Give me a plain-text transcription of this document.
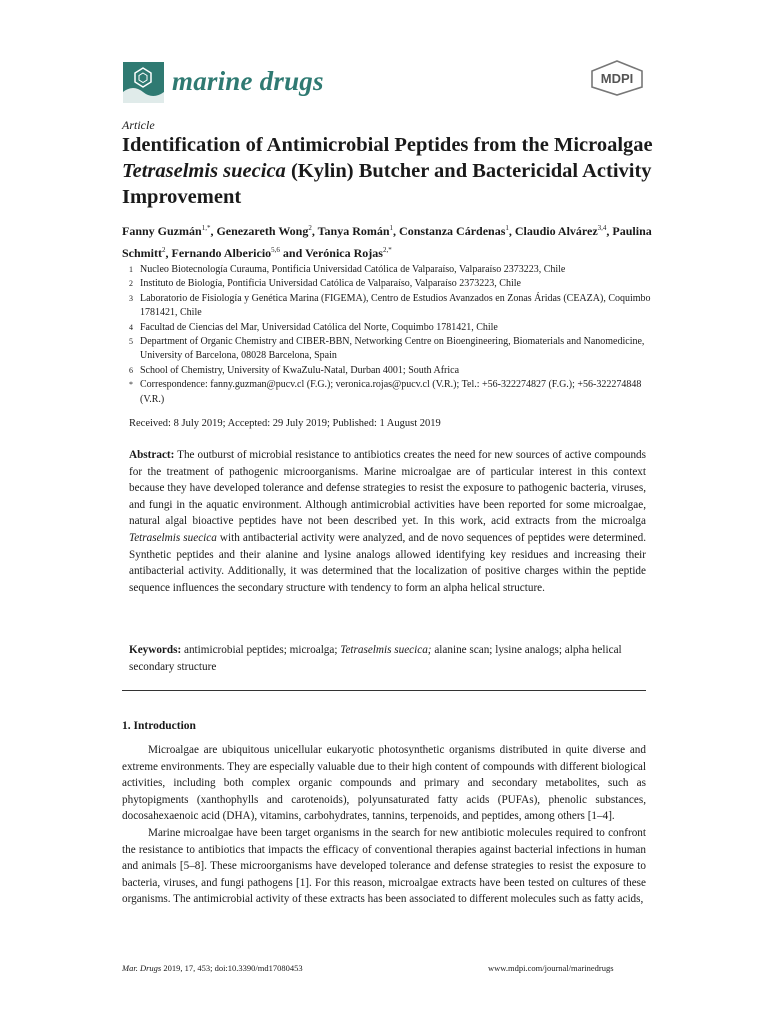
marine drugs	MDPI
Article
Identification of Antimicrobial Peptides from the Microalgae Tetraselmis suecica (Kylin) Butcher and Bactericidal Activity Improvement
Fanny Guzmán$^{1,*}$, Genezareth Wong$^2$, Tanya Román$^1$, Constanza Cárdenas$^1$, Claudio Alvárez$^{3,4}$, Paulina Schmitt$^2$, Fernando Albericio$^{5,6}$ and Verónica Rojas$^{2,*}$
1 Nucleo Biotecnología Curauma, Pontificia Universidad Católica de Valparaíso, Valparaíso 2373223, Chile
2 Instituto de Biología, Pontificia Universidad Católica de Valparaíso, Valparaíso 2373223, Chile
3 Laboratorio de Fisiología y Genética Marina (FIGEMA), Centro de Estudios Avanzados en Zonas Áridas (CEAZA), Coquimbo 1781421, Chile
4 Facultad de Ciencias del Mar, Universidad Católica del Norte, Coquimbo 1781421, Chile
5 Department of Organic Chemistry and CIBER-BBN, Networking Centre on Bioengineering, Biomaterials and Nanomedicine, University of Barcelona, 08028 Barcelona, Spain
6 School of Chemistry, University of KwaZulu-Natal, Durban 4001; South Africa
* Correspondence: fanny.guzman@pucv.cl (F.G.); veronica.rojas@pucv.cl (V.R.); Tel.: +56-322274827 (F.G.); +56-322274848 (V.R.)
Received: 8 July 2019; Accepted: 29 July 2019; Published: 1 August 2019
Abstract: The outburst of microbial resistance to antibiotics creates the need for new sources of active compounds for the treatment of pathogenic microorganisms. Marine microalgae are of particular interest in this context because they have developed tolerance and defense strategies to resist the exposure to pathogenic bacteria, viruses, and fungi in the aquatic environment. Although antimicrobial activities have been reported for some microalgae, natural algal bioactive peptides have not been described yet. In this work, acid extracts from the microalga Tetraselmis suecica with antibacterial activity were analyzed, and de novo sequences of peptides were determined. Synthetic peptides and their alanine and lysine analogs allowed identifying key residues and increasing their antibacterial activity. Additionally, it was determined that the localization of positive charges within the peptide sequence influences the secondary structure with tendency to form an alpha helical structure.
Keywords: antimicrobial peptides; microalga; Tetraselmis suecica; alanine scan; lysine analogs; alpha helical secondary structure
1. Introduction

Microalgae are ubiquitous unicellular eukaryotic photosynthetic organisms distributed in quite diverse and extreme environments. They are especially valuable due to their high content of compounds with different biological activities, including both complex organic compounds and primary and secondary metabolites, such as phytopigments (xanthophylls and carotenoids), polyunsaturated fatty acids (PUFAs), phenolic substances, docosahexaenoic acid (DHA), vitamins, carbohydrates, tannins, terpenoids, and peptides, among others [1–4].

Marine microalgae have been target organisms in the search for new antibiotic molecules required to confront the resistance to antibiotics that impacts the efficacy of conventional therapies against bacterial infections in human and animals [5–8]. These microorganisms have developed tolerance and defense strategies to resist the exposure to bacteria, viruses, and fungi pathogens [1]. For this reason, microalgae extracts have been tested on cultures of these organisms. The antimicrobial activity of these extracts has been associated to different molecules such as fatty acids,

Mar. Drugs 2019, 17, 453; doi:10.3390/md17080453	www.mdpi.com/journal/marinedrugs
